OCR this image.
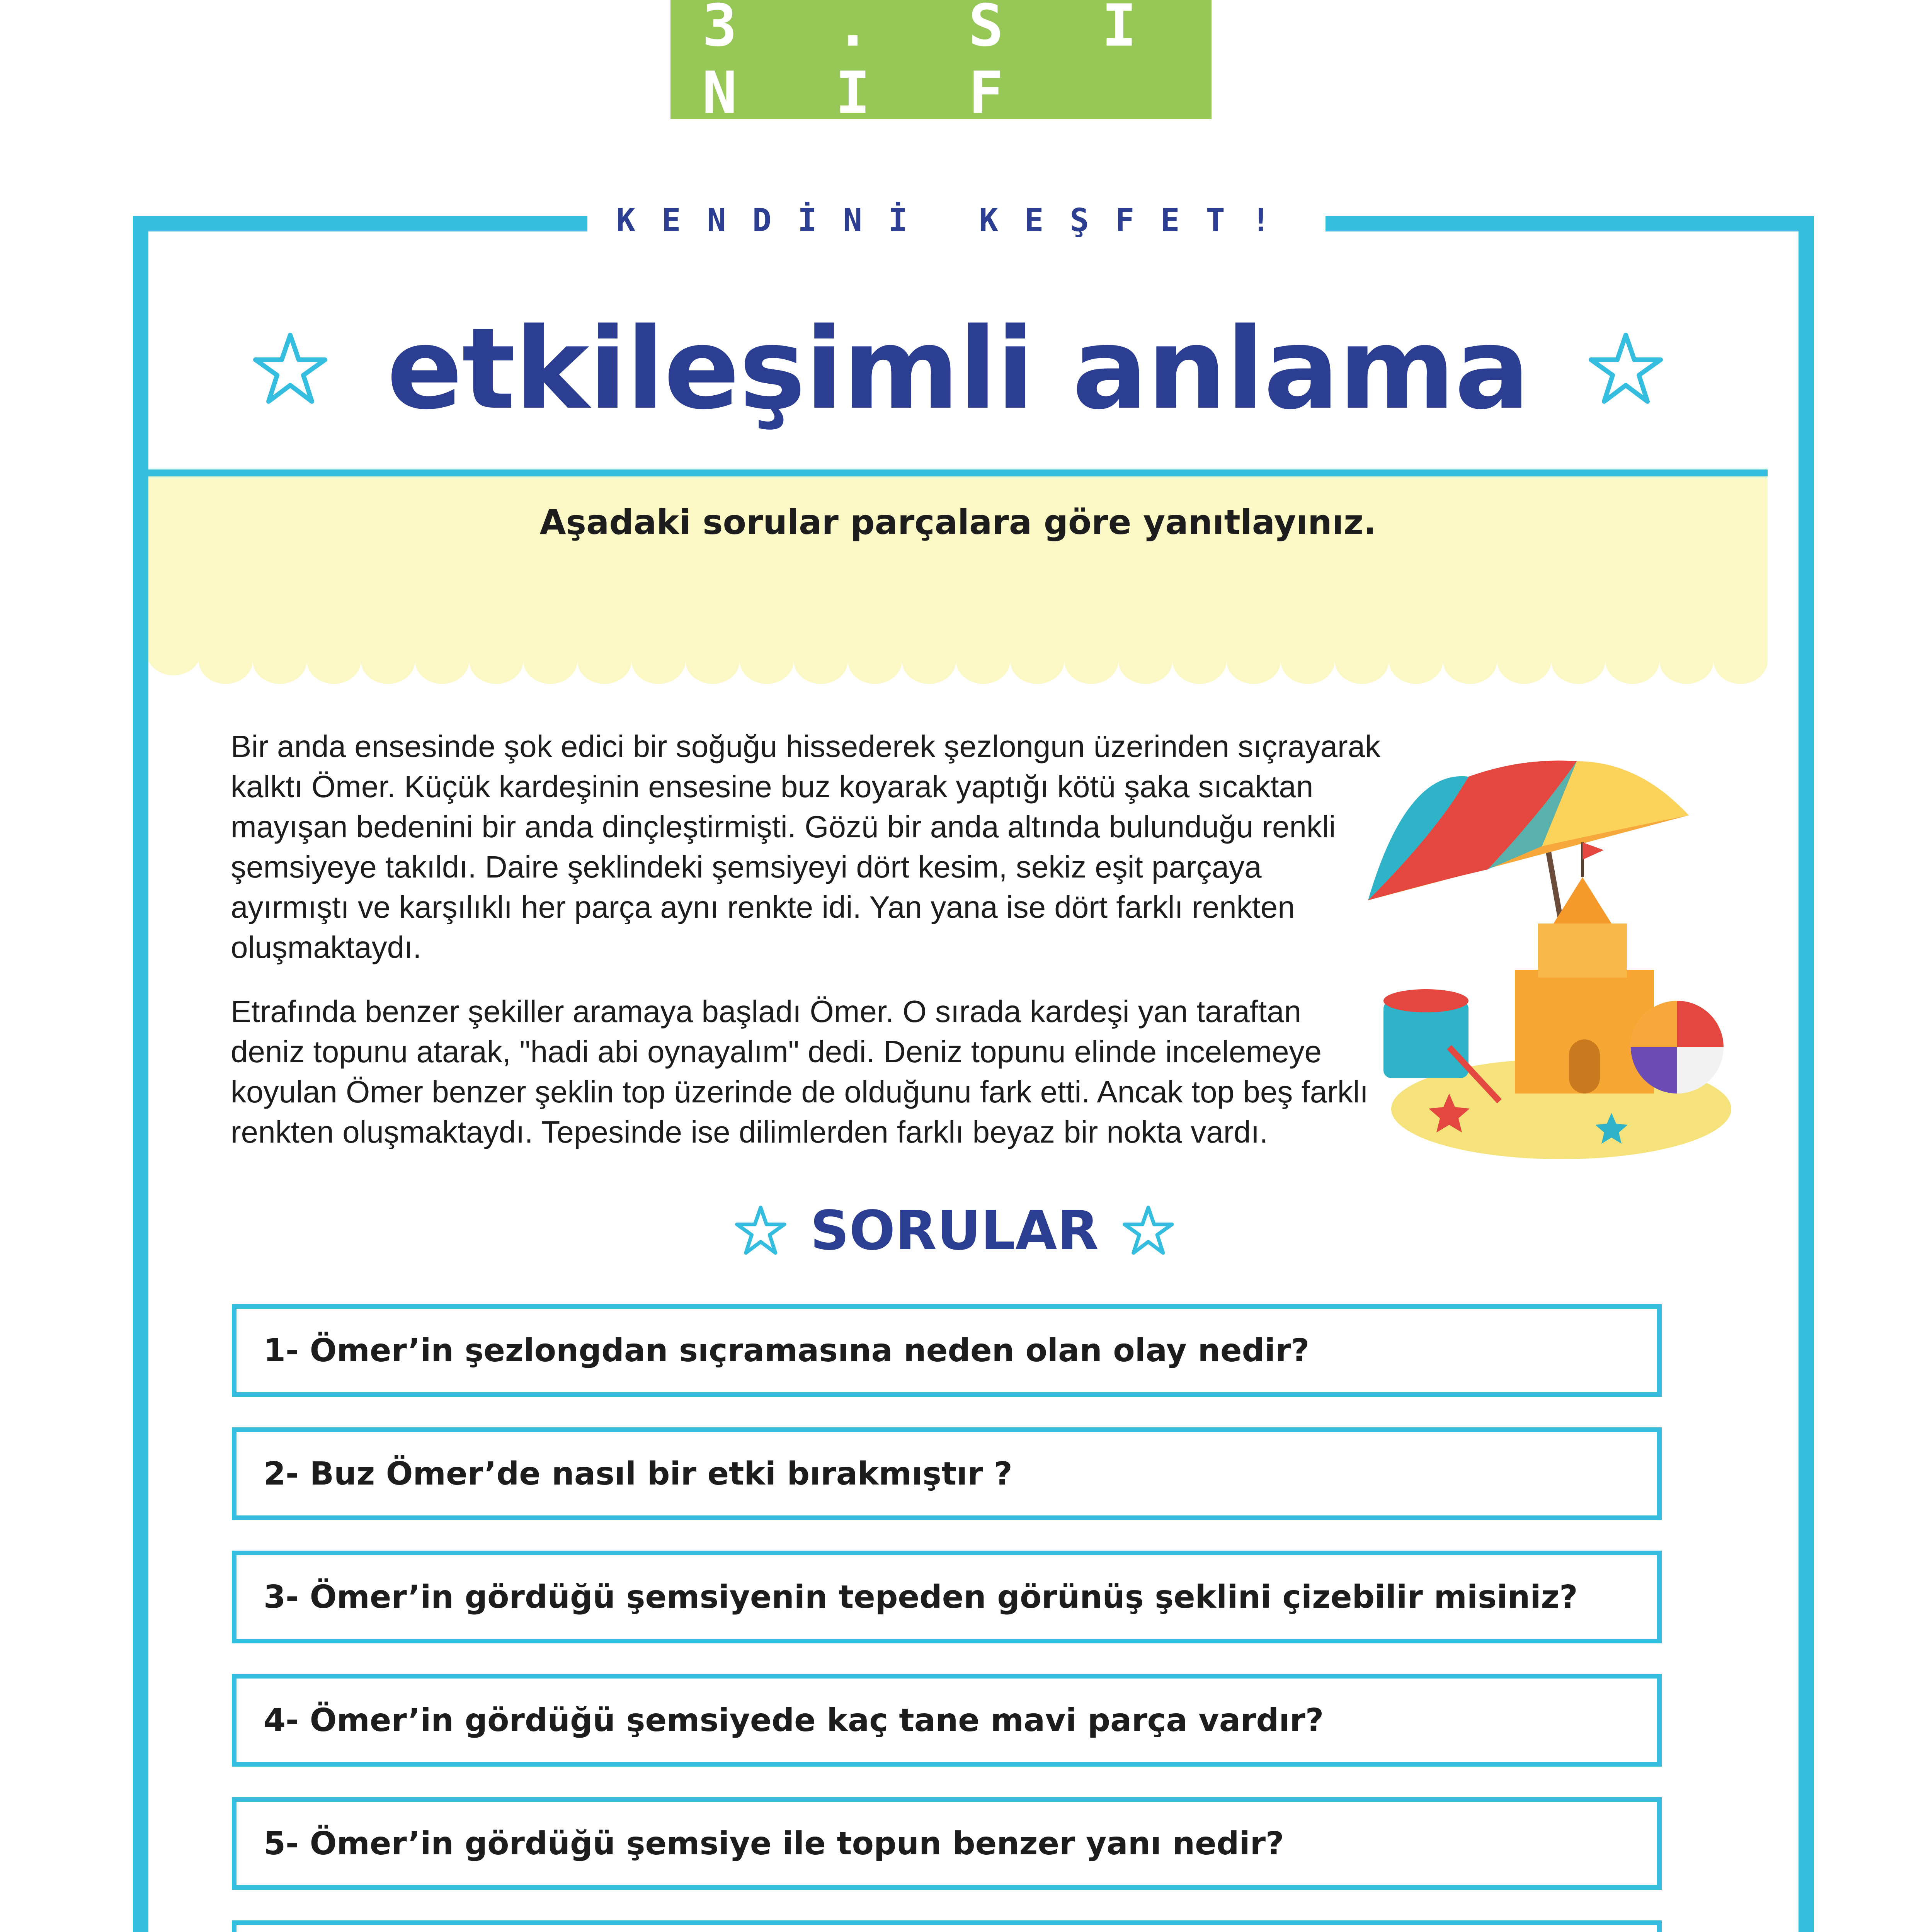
3 . S I N I F
KENDİNİ KEŞFET!
etkileşimli anlama
Aşadaki sorular parçalara göre yanıtlayınız.

Bir anda ensesinde şok edici bir soğuğu hissederek şezlongun üzerinden sıçrayarak kalktı Ömer. Küçük kardeşinin ensesine buz koyarak yaptığı kötü şaka sıcaktan mayışan bedenini bir anda dinçleştirmişti. Gözü bir anda altında bulunduğu renkli şemsiyeye takıldı. Daire şeklindeki şemsiyeyi dört kesim, sekiz eşit parçaya ayırmıştı ve karşılıklı her parça aynı renkte idi. Yan yana ise dört farklı renkten oluşmaktaydı.

Etrafında benzer şekiller aramaya başladı Ömer. O sırada kardeşi yan taraftan deniz topunu atarak, "hadi abi oynayalım" dedi. Deniz topunu elinde incelemeye koyulan Ömer benzer şeklin top üzerinde de olduğunu fark etti. Ancak top beş farklı renkten oluşmaktaydı. Tepesinde ise dilimlerden farklı beyaz bir nokta vardı.

SORULAR
1- Ömer’in şezlongdan sıçramasına neden olan olay nedir?
2- Buz Ömer’de nasıl bir etki bırakmıştır ?
3- Ömer’in gördüğü şemsiyenin tepeden görünüş şeklini çizebilir misiniz?
4- Ömer’in gördüğü şemsiyede kaç tane mavi parça vardır?
5- Ömer’in gördüğü şemsiye ile topun benzer yanı nedir?
